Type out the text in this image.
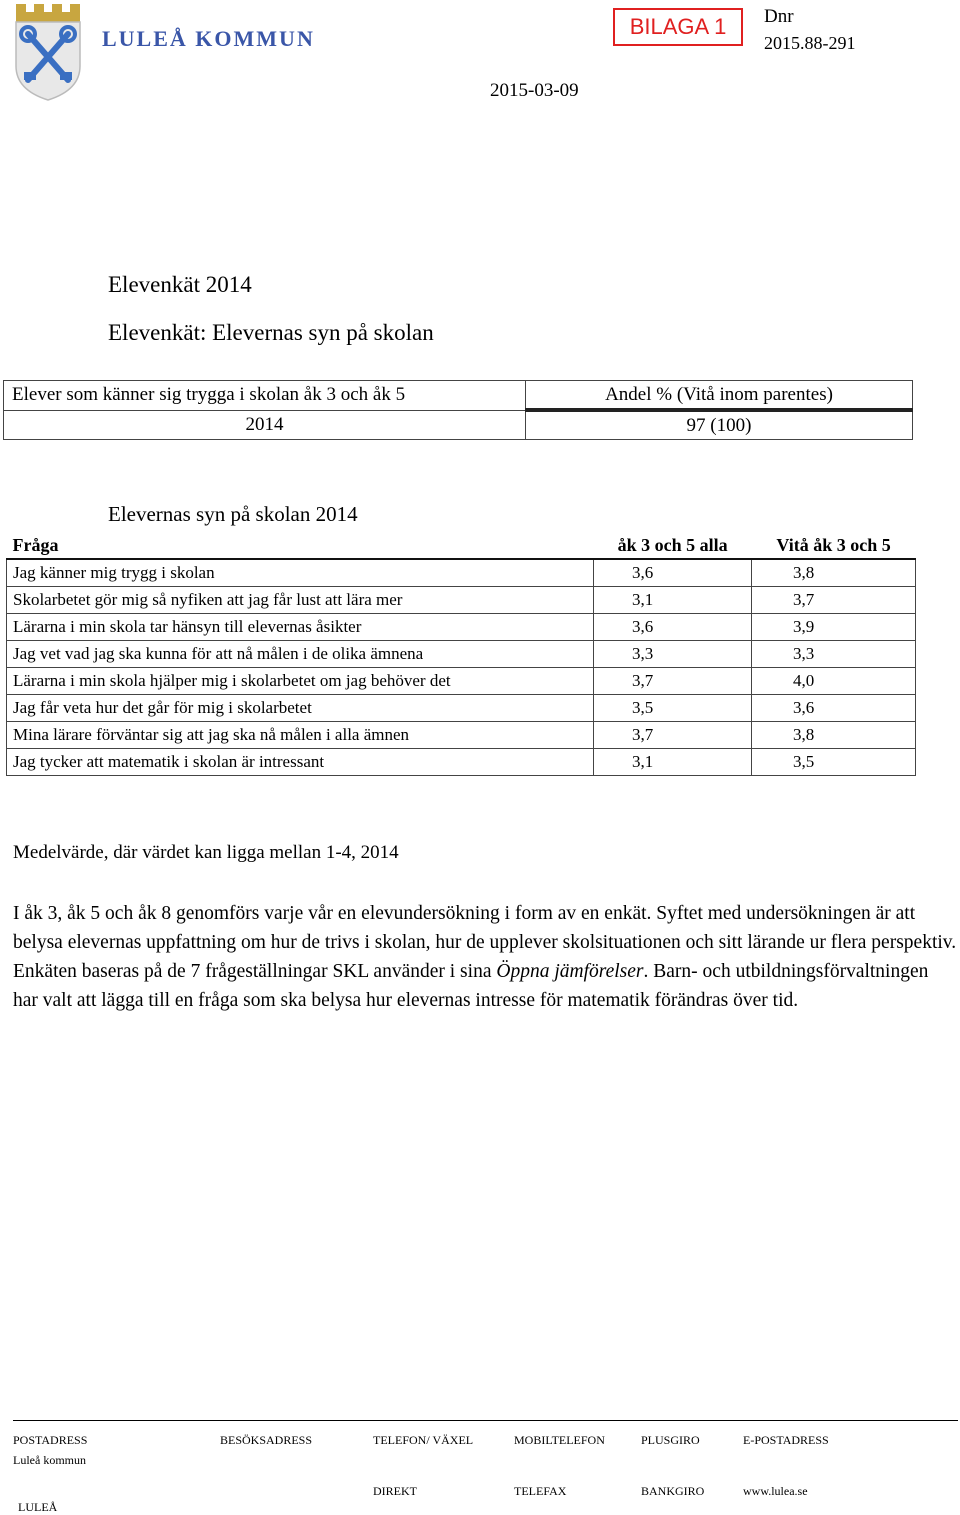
LULEÅ KOMMUN	BILAGA 1	Dnr
2015.88-291
2015-03-09
Elevenkät 2014
Elevenkät: Elevernas syn på skolan
Elever som känner sig trygga i skolan åk 3 och åk 5	Andel % (Vitå inom parentes)
2014	97 (100)
Elevernas syn på skolan 2014
Fråga	åk 3 och 5 alla	Vitå åk 3 och 5
Jag känner mig trygg i skolan	3,6	3,8
Skolarbetet gör mig så nyfiken att jag får lust att lära mer	3,1	3,7
Lärarna i min skola tar hänsyn till elevernas åsikter	3,6	3,9
Jag vet vad jag ska kunna för att nå målen i de olika ämnena	3,3	3,3
Lärarna i min skola hjälper mig i skolarbetet om jag behöver det	3,7	4,0
Jag får veta hur det går för mig i skolarbetet	3,5	3,6
Mina lärare förväntar sig att jag ska nå målen i alla ämnen	3,7	3,8
Jag tycker att matematik i skolan är intressant	3,1	3,5
Medelvärde, där värdet kan ligga mellan 1-4, 2014
I åk 3, åk 5 och åk 8 genomförs varje vår en elevundersökning i form av en enkät. Syftet med undersökningen är att belysa elevernas uppfattning om hur de trivs i skolan, hur de upplever skolsituationen och sitt lärande ur flera perspektiv. Enkäten baseras på de 7 frågeställningar SKL använder i sina Öppna jämförelser. Barn- och utbildningsförvaltningen har valt att lägga till en fråga som ska belysa hur elevernas intresse för matematik förändras över tid.
POSTADRESS	BESÖKSADRESS	TELEFON/ VÄXEL	MOBILTELEFON	PLUSGIRO	E-POSTADRESS
Luleå kommun
DIREKT	TELEFAX	BANKGIRO	www.lulea.se
LULEÅ
